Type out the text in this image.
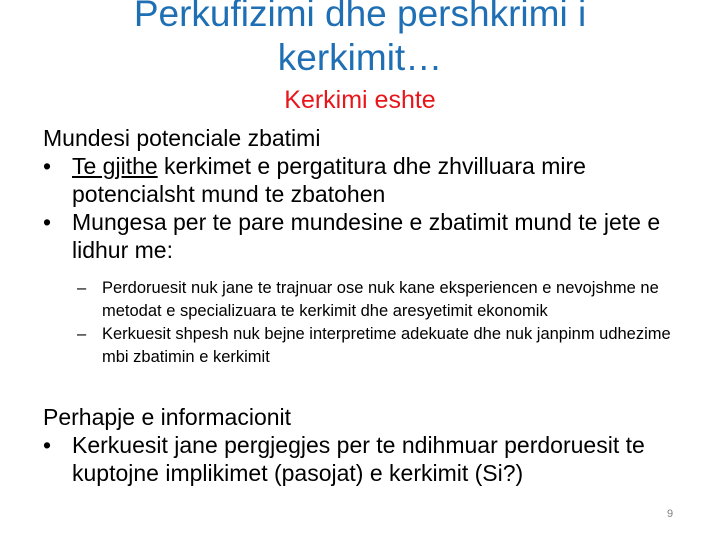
Perkufizimi dhe pershkrimi i
kerkimit…
Kerkimi eshte
Mundesi potenciale zbatimi
• Te gjithe kerkimet e pergatitura dhe zhvilluara mire potencialsht mund te zbatohen
• Mungesa per te pare mundesine e zbatimit mund te jete e lidhur me:
– Perdoruesit nuk jane te trajnuar ose nuk kane eksperiencen e nevojshme ne metodat e specializuara te kerkimit dhe aresyetimit ekonomik
– Kerkuesit shpesh nuk bejne interpretime adekuate dhe nuk janpinm udhezime mbi zbatimin e kerkimit
Perhapje e informacionit
• Kerkuesit jane pergjegjes per te ndihmuar perdoruesit te kuptojne implikimet (pasojat) e kerkimit (Si?)
9
